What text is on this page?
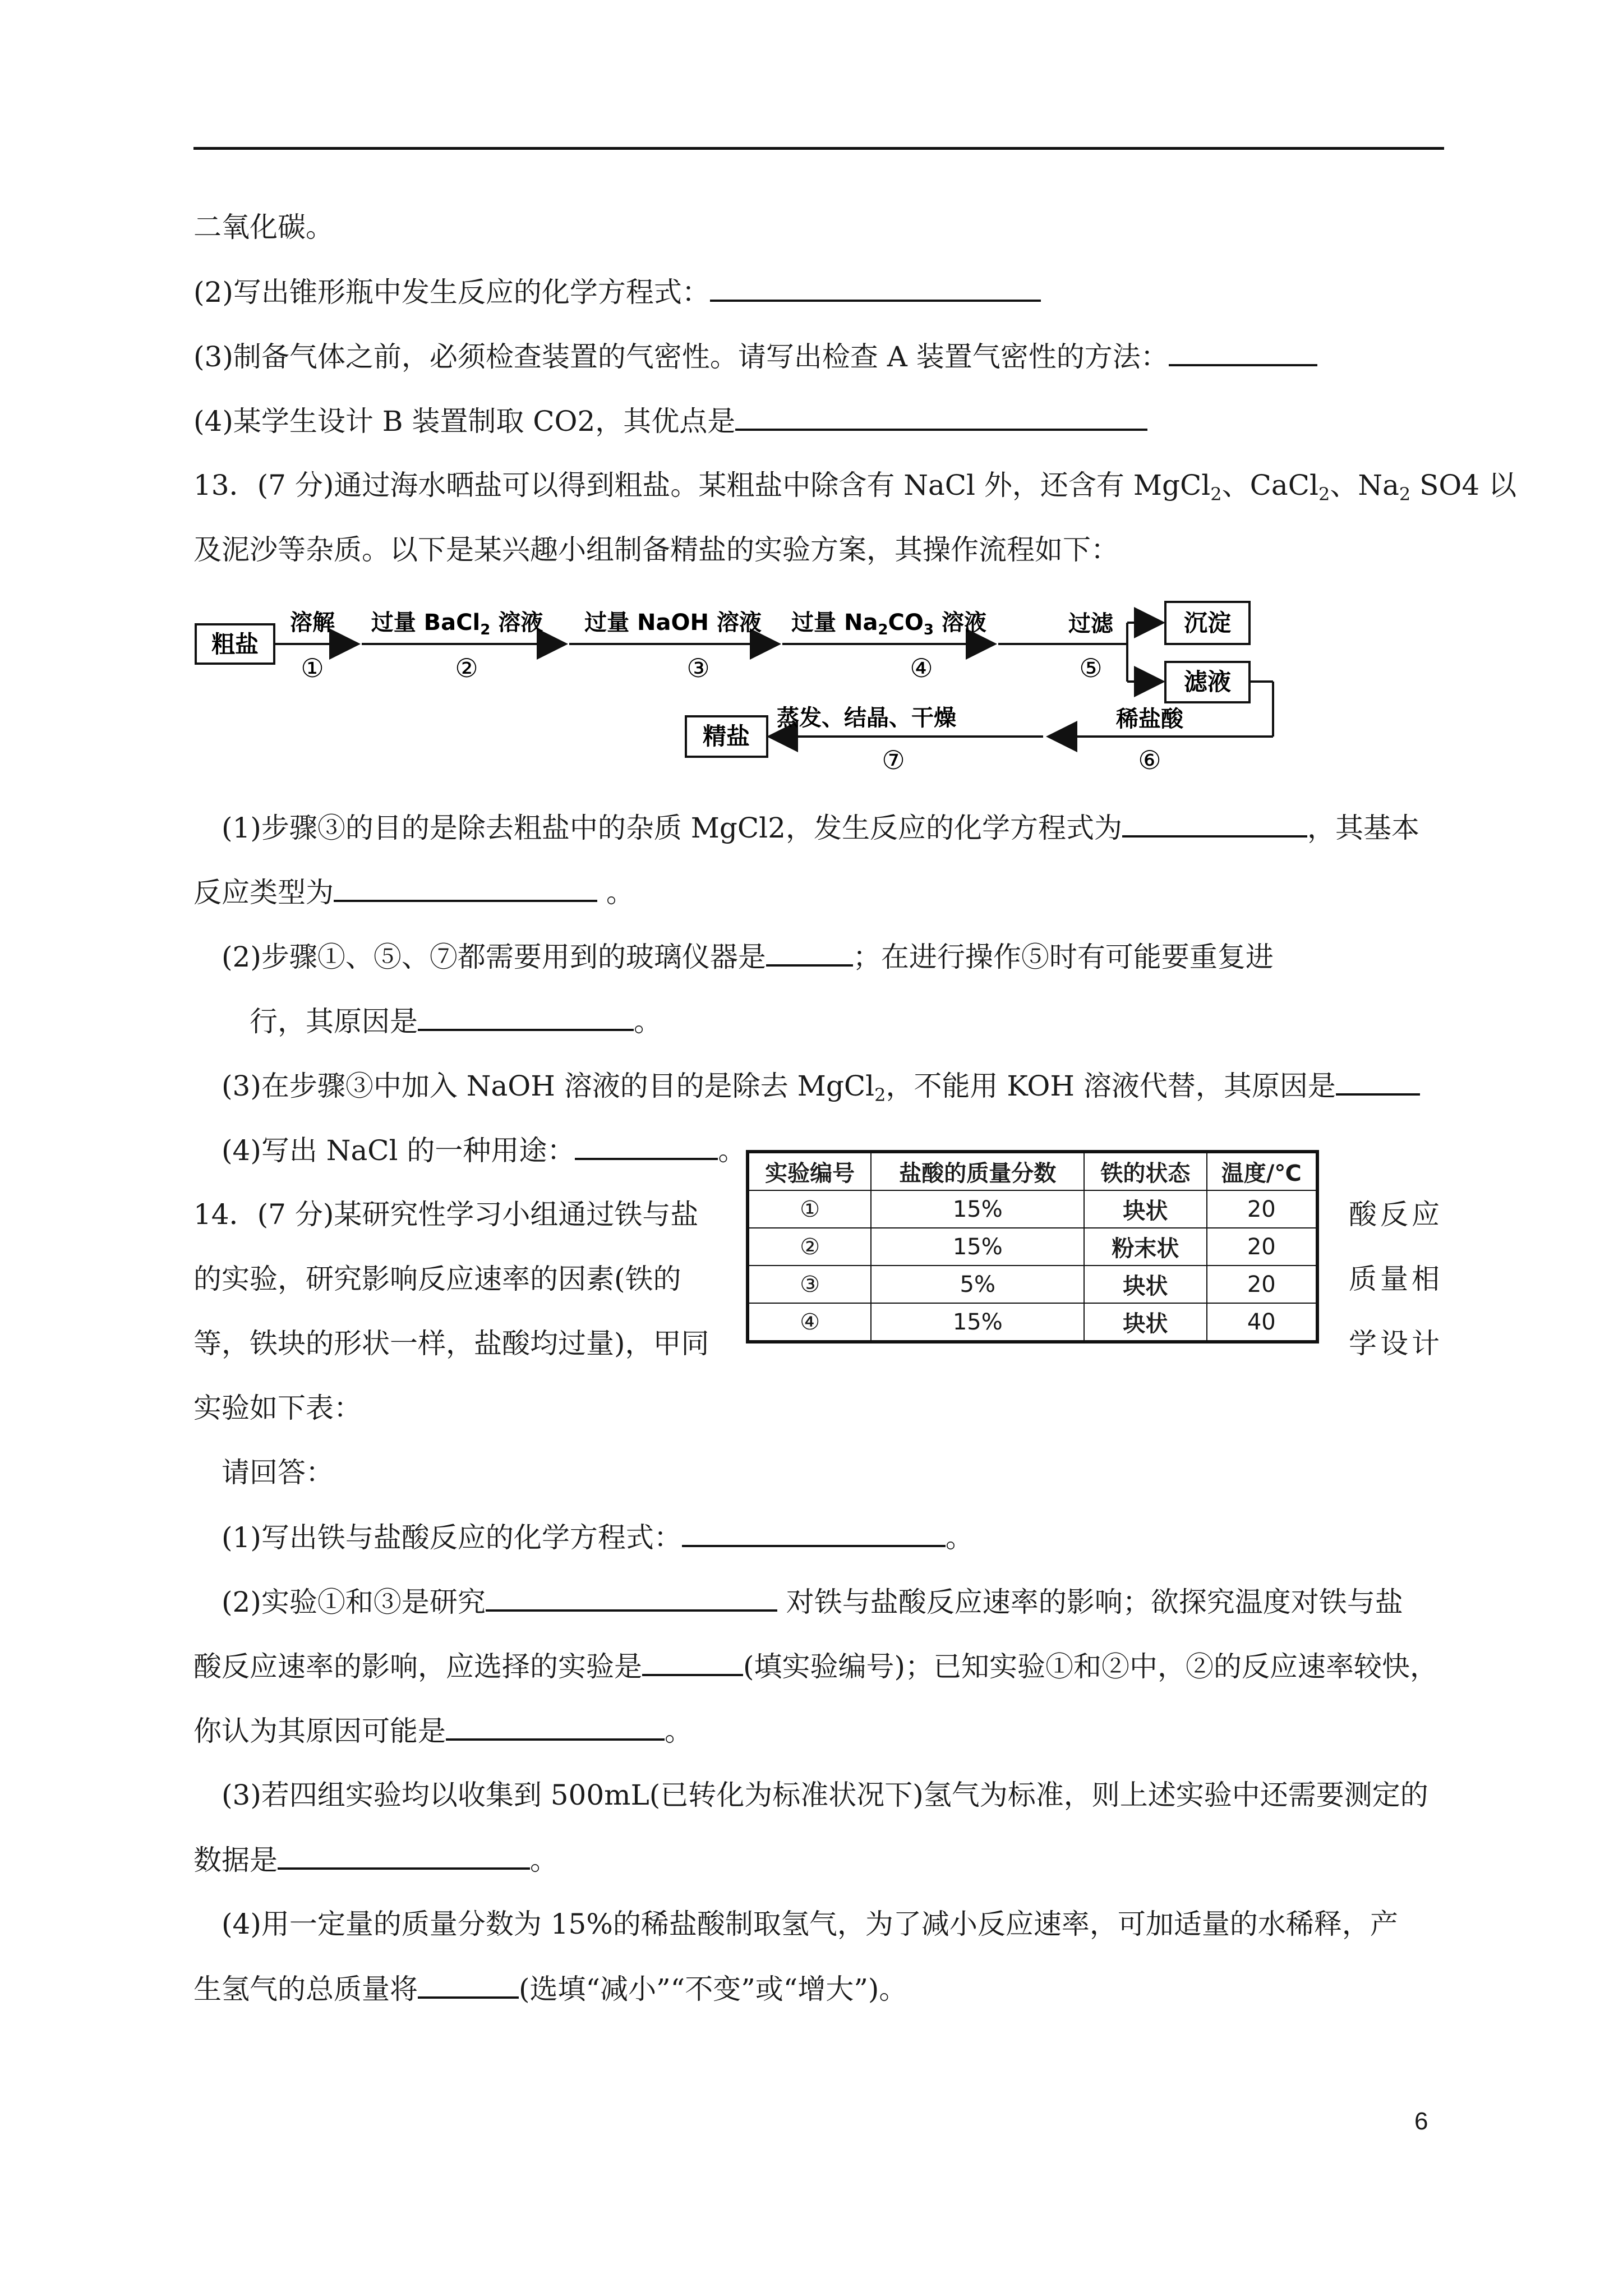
二氧化碳。
(2)写出锥形瓶中发生反应的化学方程式：
(3)制备气体之前，必须检查装置的气密性。请写出检查 A 装置气密性的方法：
(4)某学生设计 B 装置制取 CO2，其优点是
13．(7 分)通过海水晒盐可以得到粗盐。某粗盐中除含有 NaCl 外，还含有 MgCl$_2$、CaCl$_2$、$Na_2$ SO4 以
及泥沙等杂质。以下是某兴趣小组制备精盐的实验方案，其操作流程如下：
粗盐
溶解
①
过量 BaCl$_2$ 溶液
②
过量 NaOH 溶液
③
过量 $Na_2CO_3$ 溶液
④
过滤
⑤
沉淀
滤液
稀盐酸
⑥
蒸发、结晶、干燥
⑦
精盐
(1)步骤③的目的是除去粗盐中的杂质 MgCl2，发生反应的化学方程式为	，其基本
反应类型为	。
(2)步骤①、⑤、⑦都需要用到的玻璃仪器是	；在进行操作⑤时有可能要重复进
行，其原因是	。
(3)在步骤③中加入 NaOH 溶液的目的是除去 MgCl$_2$，不能用 KOH 溶液代替，其原因是
(4)写出 NaCl 的一种用途：	。
实验编号	盐酸的质量分数	铁的状态	温度/℃
①	15%	块状	20
②	15%	粉末状	20
③	5%	块状	20
④	15%	块状	40
14．(7 分)某研究性学习小组通过铁与盐	酸反应
的实验，研究影响反应速率的因素(铁的	质量相
等，铁块的形状一样，盐酸均过量)，甲同	学设计
实验如下表：
请回答：
(1)写出铁与盐酸反应的化学方程式：	。
(2)实验①和③是研究	对铁与盐酸反应速率的影响；欲探究温度对铁与盐
酸反应速率的影响，应选择的实验是	(填实验编号)；已知实验①和②中，②的反应速率较快，
你认为其原因可能是	。
(3)若四组实验均以收集到 500mL(已转化为标准状况下)氢气为标准，则上述实验中还需要测定的
数据是	。
(4)用一定量的质量分数为 15%的稀盐酸制取氢气，为了减小反应速率，可加适量的水稀释，产
生氢气的总质量将	(选填“减小”“不变”或“增大”)。
6
